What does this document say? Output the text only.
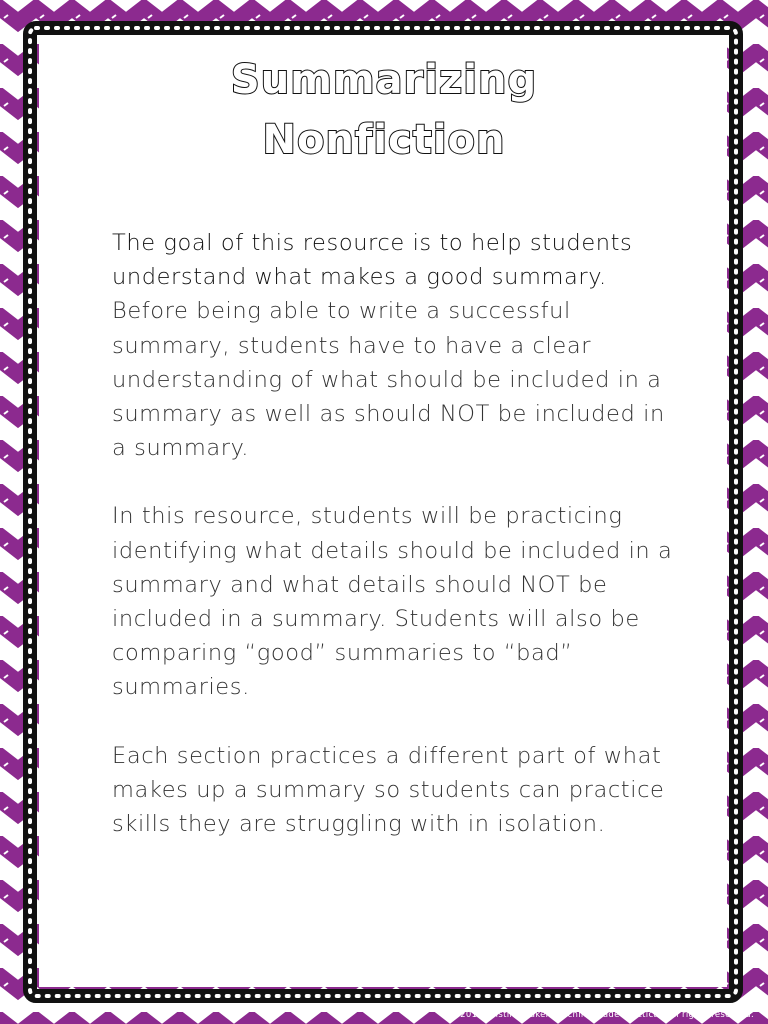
Summarizing
Nonfiction

The goal of this resource is to help students understand what makes a good summary. Before being able to write a successful summary, students have to have a clear understanding of what should be included in a summary as well as should NOT be included in a summary.

In this resource, students will be practicing identifying what details should be included in a summary and what details should NOT be included in a summary. Students will also be comparing “good” summaries to “bad” summaries.

Each section practices a different part of what makes up a summary so students can practice skills they are struggling with in isolation.

© 2017 Kristina Baker Teaching Made Practical. All rights reserved.
